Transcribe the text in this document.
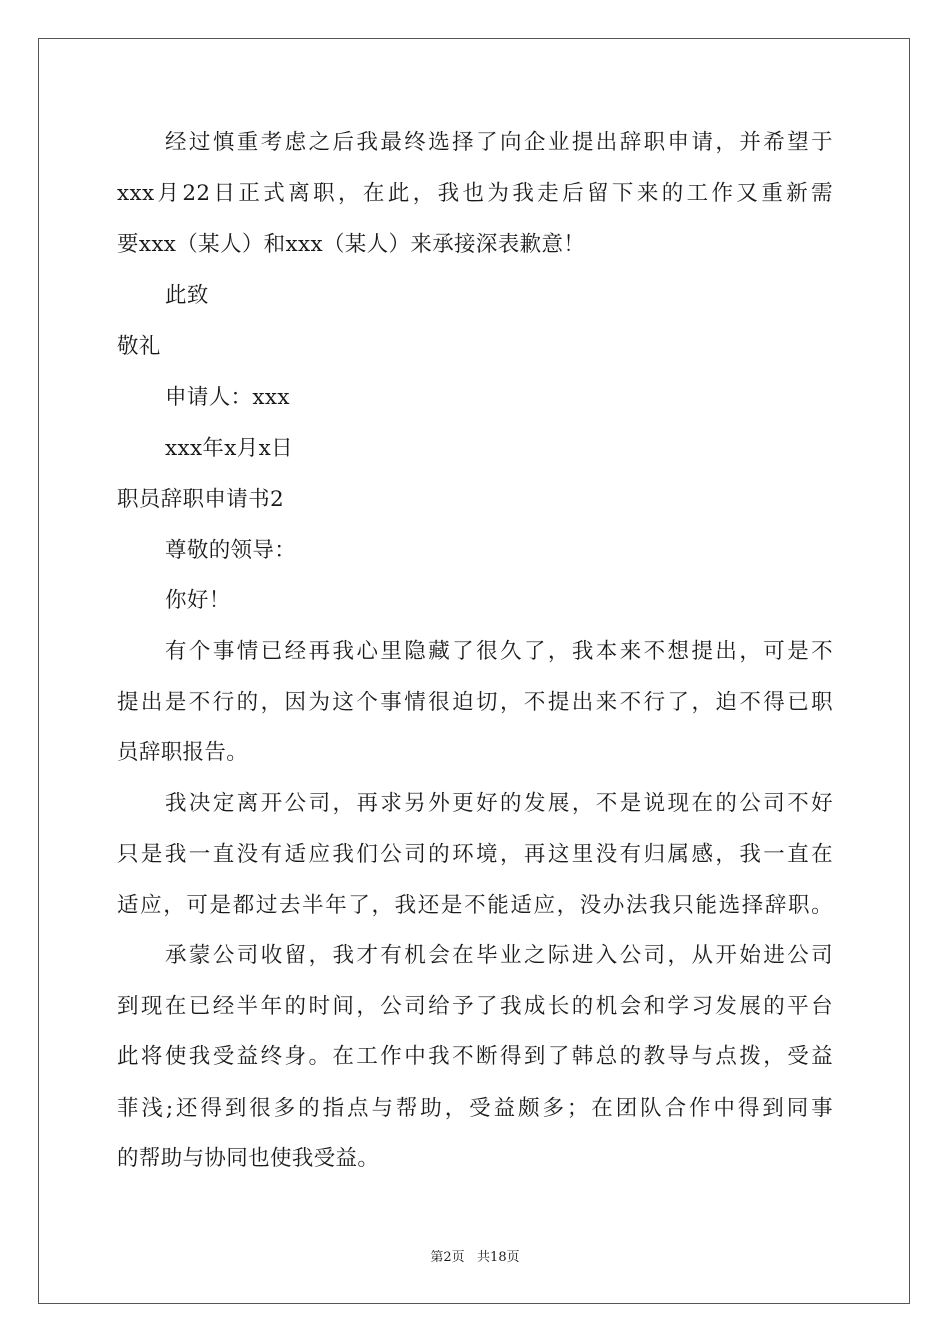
经过慎重考虑之后我最终选择了向企业提出辞职申请，并希望于
xxx月22日正式离职，在此，我也为我走后留下来的工作又重新需
要xxx（某人）和xxx（某人）来承接深表歉意！
此致
敬礼
申请人：xxx
xxx年x月x日
职员辞职申请书2
尊敬的领导：
你好！
有个事情已经再我心里隐藏了很久了，我本来不想提出，可是不
提出是不行的，因为这个事情很迫切，不提出来不行了，迫不得已职
员辞职报告。
我决定离开公司，再求另外更好的发展，不是说现在的公司不好
只是我一直没有适应我们公司的环境，再这里没有归属感，我一直在
适应，可是都过去半年了，我还是不能适应，没办法我只能选择辞职。
承蒙公司收留，我才有机会在毕业之际进入公司，从开始进公司
到现在已经半年的时间，公司给予了我成长的机会和学习发展的平台
此将使我受益终身。在工作中我不断得到了韩总的教导与点拨，受益
菲浅;还得到很多的指点与帮助，受益颇多；在团队合作中得到同事
的帮助与协同也使我受益。
第2页   共18页
